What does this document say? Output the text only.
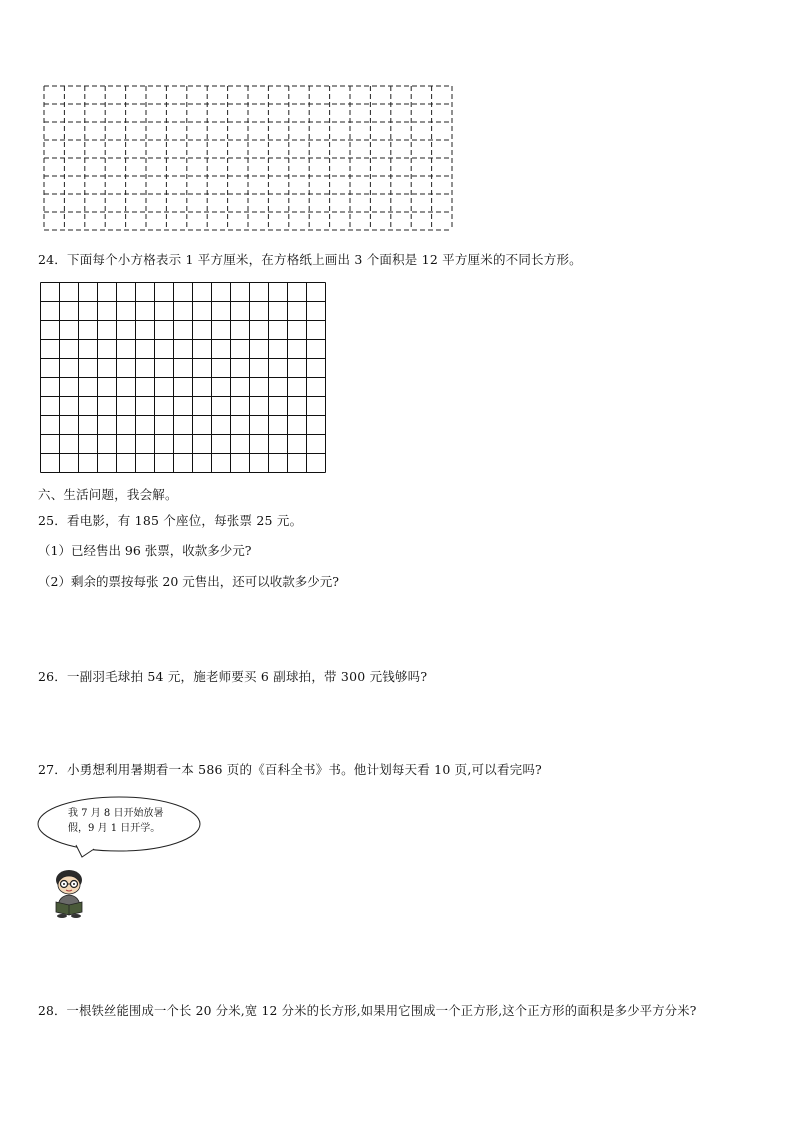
24．下面每个小方格表示 1 平方厘米，在方格纸上画出 3 个面积是 12 平方厘米的不同长方形。
六、生活问题，我会解。
25．看电影，有 185 个座位，每张票 25 元。
（1）已经售出 96 张票，收款多少元?
（2）剩余的票按每张 20 元售出，还可以收款多少元?
26．一副羽毛球拍 54 元，施老师要买 6 副球拍，带 300 元钱够吗?
27．小勇想利用暑期看一本 586 页的《百科全书》书。他计划每天看 10 页,可以看完吗?
我 7 月 8 日开始放暑
假，9 月 1 日开学。
28．一根铁丝能围成一个长 20 分米,宽 12 分米的长方形,如果用它围成一个正方形,这个正方形的面积是多少平方分米?
